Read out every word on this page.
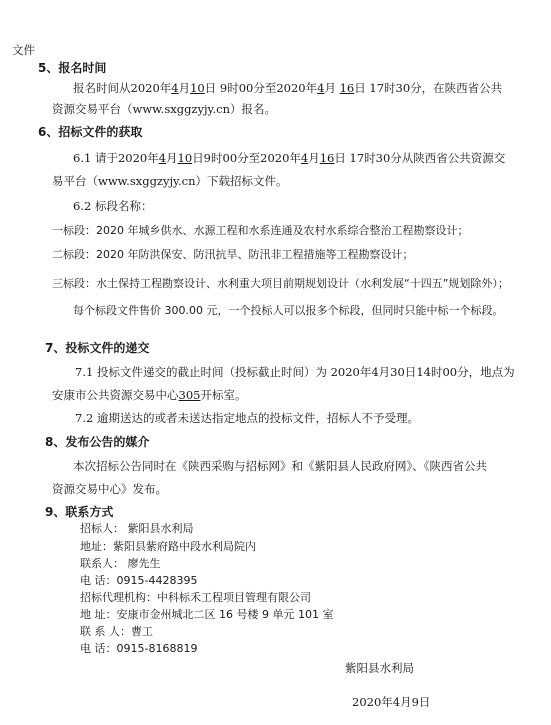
文件
5、报名时间
报名时间从2020年4月10日 9时00分至2020年4月 16日 17时30分，在陕西省公共
资源交易平台（www.sxggzyjy.cn）报名。
6、招标文件的获取
6.1 请于2020年4月10日9时00分至2020年4月16日 17时30分从陕西省公共资源交
易平台（www.sxggzyjy.cn）下载招标文件。
6.2 标段名称：
一标段：2020 年城乡供水、水源工程和水系连通及农村水系综合整治工程勘察设计；
二标段：2020 年防洪保安、防汛抗旱、防汛非工程措施等工程勘察设计；
三标段：水土保持工程勘察设计、水利重大项目前期规划设计（水利发展“十四五”规划除外）；
每个标段文件售价 300.00 元，一个投标人可以报多个标段，但同时只能中标一个标段。
7、投标文件的递交
7.1 投标文件递交的截止时间（投标截止时间）为 2020年4月30日14时00分，地点为
安康市公共资源交易中心305开标室。
7.2 逾期送达的或者未送达指定地点的投标文件，招标人不予受理。
8、发布公告的媒介
本次招标公告同时在《陕西采购与招标网》和《紫阳县人民政府网》、《陕西省公共
资源交易中心》发布。
9、联系方式
招标人： 紫阳县水利局
地址：紫阳县紫府路中段水利局院内
联系人： 廖先生
电 话：0915-4428395
招标代理机构：中科标禾工程项目管理有限公司
地 址：安康市金州城北二区 16 号楼 9 单元 101 室
联 系 人：曹工
电 话：0915-8168819
紫阳县水利局
2020年4月9日
